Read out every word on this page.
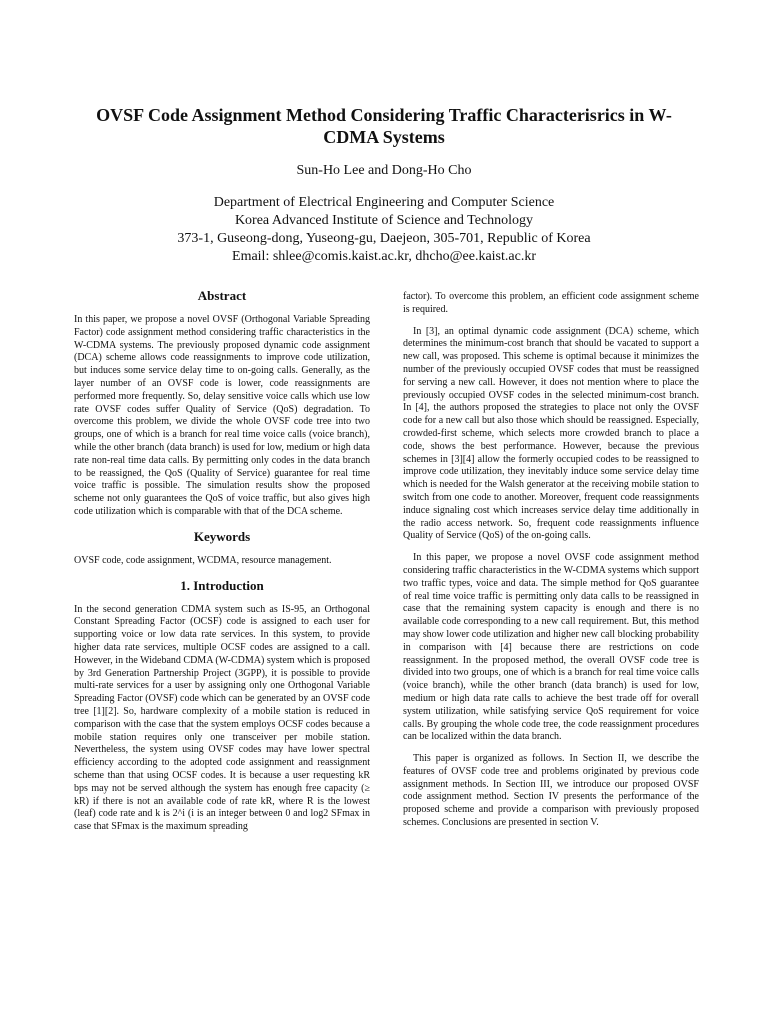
OVSF Code Assignment Method Considering Traffic Characterisrics in W-CDMA Systems
Sun-Ho Lee and Dong-Ho Cho
Department of Electrical Engineering and Computer Science
Korea Advanced Institute of Science and Technology
373-1, Guseong-dong, Yuseong-gu, Daejeon, 305-701, Republic of Korea
Email: shlee@comis.kaist.ac.kr, dhcho@ee.kaist.ac.kr
Abstract

In this paper, we propose a novel OVSF (Orthogonal Variable Spreading Factor) code assignment method considering traffic characteristics in the W-CDMA systems. The previously proposed dynamic code assignment (DCA) scheme allows code reassignments to improve code utilization, but induces some service delay time to on-going calls. Generally, as the layer number of an OVSF code is lower, code reassignments are performed more frequently. So, delay sensitive voice calls which use low rate OVSF codes suffer Quality of Service (QoS) degradation. To overcome this problem, we divide the whole OVSF code tree into two groups, one of which is a branch for real time voice calls (voice branch), while the other branch (data branch) is used for low, medium or high data rate non-real time data calls. By permitting only codes in the data branch to be reassigned, the QoS (Quality of Service) guarantee for real time voice traffic is possible. The simulation results show the proposed scheme not only guarantees the QoS of voice traffic, but also gives high code utilization which is comparable with that of the DCA scheme.

Keywords

OVSF code, code assignment, WCDMA, resource management.

1. Introduction

In the second generation CDMA system such as IS-95, an Orthogonal Constant Spreading Factor (OCSF) code is assigned to each user for supporting voice or low data rate services. In this system, to provide higher data rate services, multiple OCSF codes are assigned to a call. However, in the Wideband CDMA (W-CDMA) system which is proposed by 3rd Generation Partnership Project (3GPP), it is possible to provide multi-rate services for a user by assigning only one Orthogonal Variable Spreading Factor (OVSF) code which can be generated by an OVSF code tree [1][2]. So, hardware complexity of a mobile station is reduced in comparison with the case that the system employs OCSF codes because a mobile station requires only one transceiver per mobile station. Nevertheless, the system using OVSF codes may have lower spectral efficiency according to the adopted code assignment and reassignment scheme than that using OCSF codes. It is because a user requesting kR bps may not be served although the system has enough free capacity (≥ kR) if there is not an available code of rate kR, where R is the lowest (leaf) code rate and k is 2^i (i is an integer between 0 and log2 SFmax in case that SFmax is the maximum spreading

factor). To overcome this problem, an efficient code assignment scheme is required.

In [3], an optimal dynamic code assignment (DCA) scheme, which determines the minimum-cost branch that should be vacated to support a new call, was proposed. This scheme is optimal because it minimizes the number of the previously occupied OVSF codes that must be reassigned for serving a new call. However, it does not mention where to place the previously occupied OVSF codes in the selected minimum-cost branch. In [4], the authors proposed the strategies to place not only the OVSF code for a new call but also those which should be reassigned. Especially, crowded-first scheme, which selects more crowded branch to place a code, shows the best performance. However, because the previous schemes in [3][4] allow the formerly occupied codes to be reassigned to improve code utilization, they inevitably induce some service delay time which is needed for the Walsh generator at the receiving mobile station to switch from one code to another. Moreover, frequent code reassignments induce signaling cost which increases service delay time additionally in the radio access network. So, frequent code reassignments influence Quality of Service (QoS) of the on-going calls.

In this paper, we propose a novel OVSF code assignment method considering traffic characteristics in the W-CDMA systems which support two traffic types, voice and data. The simple method for QoS guarantee of real time voice traffic is permitting only data calls to be reassigned in case that the remaining system capacity is enough and there is no available code corresponding to a new call requirement. But, this method may show lower code utilization and higher new call blocking probability in comparison with [4] because there are restrictions on code reassignment. In the proposed method, the overall OVSF code tree is divided into two groups, one of which is a branch for real time voice calls (voice branch), while the other branch (data branch) is used for low, medium or high data rate calls to achieve the best trade off for overall system utilization, while satisfying service QoS requirement for voice calls. By grouping the whole code tree, the code reassignment procedures can be localized within the data branch.

This paper is organized as follows. In Section II, we describe the features of OVSF code tree and problems originated by previous code assignment methods. In Section III, we introduce our proposed OVSF code assignment method. Section IV presents the performance of the proposed scheme and provide a comparison with previously proposed schemes. Conclusions are presented in section V.
